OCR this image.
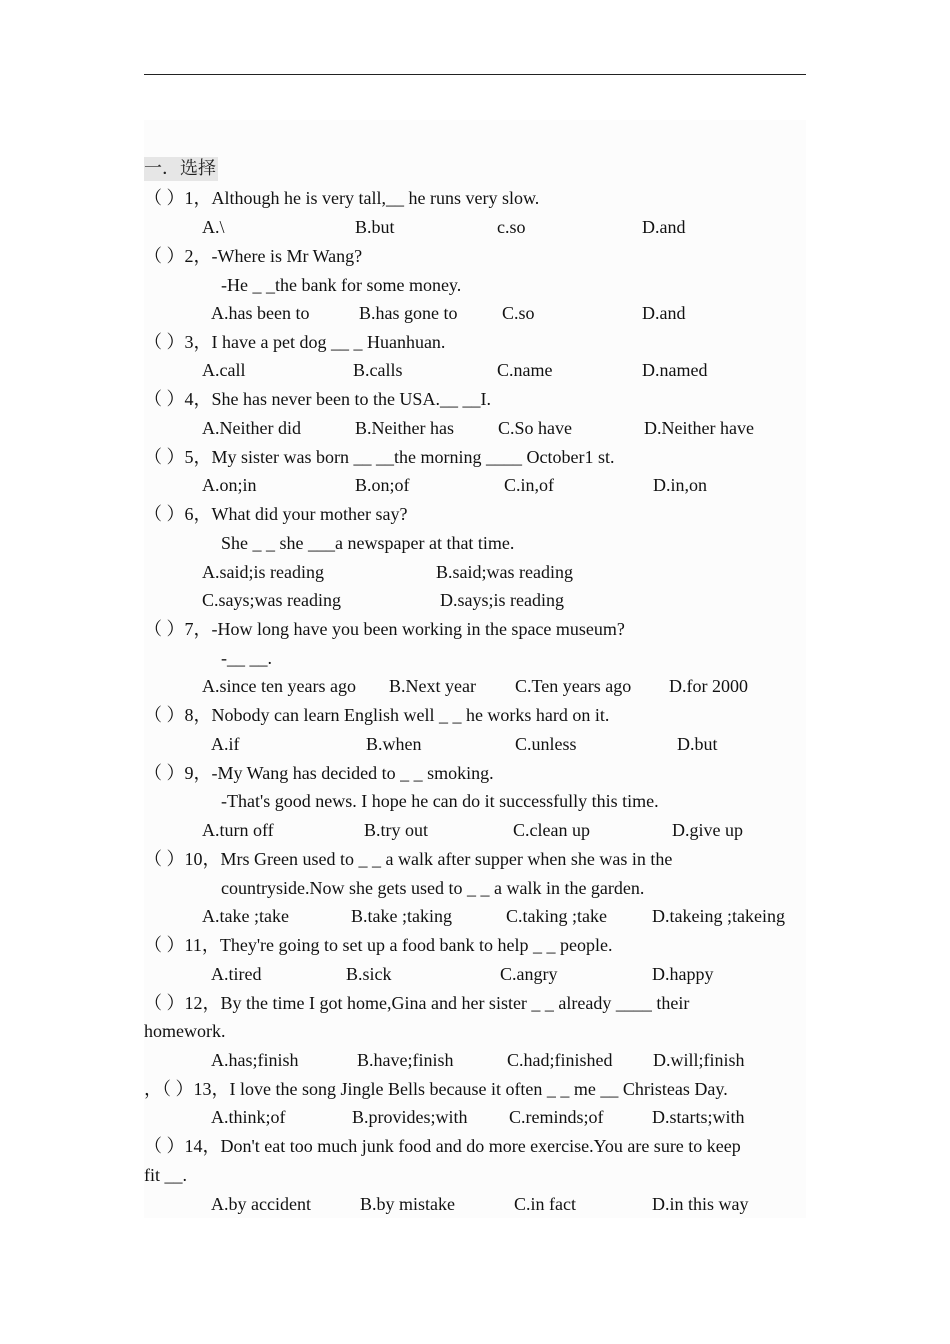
一．选择
（ ）1，Although he is very tall,__ he runs very slow.
A.\	B.but	c.so	D.and
（ ）2，-Where is Mr Wang?
-He _ _the bank for some money.
A.has been to	B.has gone to C.so	D.and
（ ）3，I have a pet dog __ _ Huanhuan.
A.call	B.calls	C.name	D.named
（ ）4，She has never been to the USA.__ __I.
A.Neither did	B.Neither has C.So have	D.Neither have
（ ）5，My sister was born __ __the morning ____ October1 st.
A.on;in	B.on;of	C.in,of	D.in,on
（ ）6，What did your mother say?
She _ _ she ___a newspaper at that time.
A.said;is reading	B.said;was reading
C.says;was reading	D.says;is reading
（ ）7，-How long have you been working in the space museum?
-__ __.
A.since ten years ago B.Next year C.Ten years ago D.for 2000
（ ）8，Nobody can learn English well _ _ he works hard on it.
A.if	B.when	C.unless	D.but
（ ）9，-My Wang has decided to _ _ smoking.
-That's good news. I hope he can do it successfully this time.
A.turn off	B.try out	C.clean up	D.give up
（ ）10，Mrs Green used to _ _ a walk after supper when she was in the
countryside.Now she gets used to _ _ a walk in the garden.
A.take ;take	B.take ;taking	C.taking ;take	D.takeing ;takeing
（ ）11，They're going to set up a food bank to help _ _ people.
A.tired	B.sick	C.angry	D.happy
（ ）12，By the time I got home,Gina and her sister _ _ already ____ their
homework.
A.has;finish	B.have;finish	C.had;finished D.will;finish
，（ ）13，I love the song Jingle Bells because it often _ _ me __ Christeas Day.
A.think;of	B.provides;with C.reminds;of	D.starts;with
（ ）14，Don't eat too much junk food and do more exercise.You are sure to keep
fit __.
A.by accident	B.by mistake	C.in fact	D.in this way
